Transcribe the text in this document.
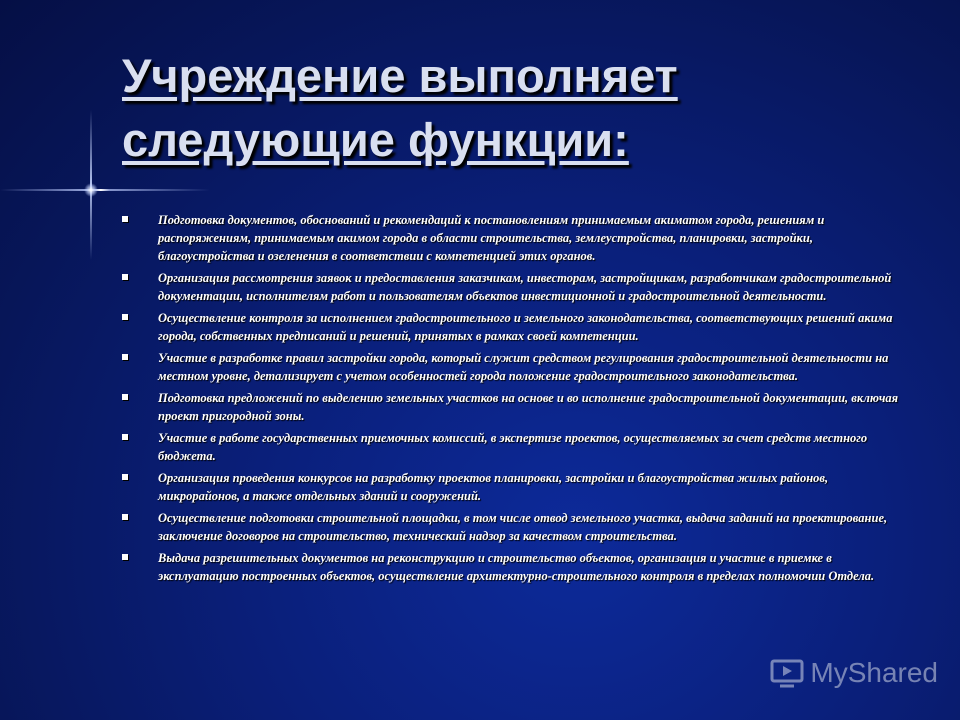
Учреждение выполняет
следующие функции:
Подготовка документов, обоснований и рекомендаций к постановлениям принимаемым акиматом города, решениям и распоряжениям, принимаемым акимом города в области строительства, землеустройства, планировки, застройки, благоустройства и озеленения в соответствии с компетенцией этих органов.
Организация рассмотрения заявок и предоставления заказчикам, инвесторам, застройщикам, разработчикам градостроительной документации, исполнителям работ и пользователям объектов инвестиционной и градостроительной деятельности.
Осуществление контроля за исполнением градостроительного и земельного законодательства, соответствующих решений акима города, собственных предписаний и решений, принятых в рамках своей компетенции.
Участие в разработке правил застройки города, который служит средством регулирования градостроительной деятельности на местном уровне, детализирует с учетом особенностей города положение градостроительного законодательства.
Подготовка предложений по выделению земельных участков на основе и во исполнение градостроительной документации, включая проект пригородной зоны.
Участие в работе государственных приемочных комиссий, в экспертизе проектов, осуществляемых за счет средств местного бюджета.
Организация проведения конкурсов на разработку проектов планировки, застройки и благоустройства жилых районов, микрорайонов, а также отдельных зданий и сооружений.
Осуществление подготовки строительной площадки, в том числе отвод земельного участка, выдача заданий на проектирование, заключение договоров на строительство, технический надзор за качеством строительства.
Выдача разрешительных документов на реконструкцию и строительство объектов, организация и участие в приемке в эксплуатацию построенных объектов, осуществление архитектурно-строительного контроля в пределах полномочии Отдела.
MyShared
